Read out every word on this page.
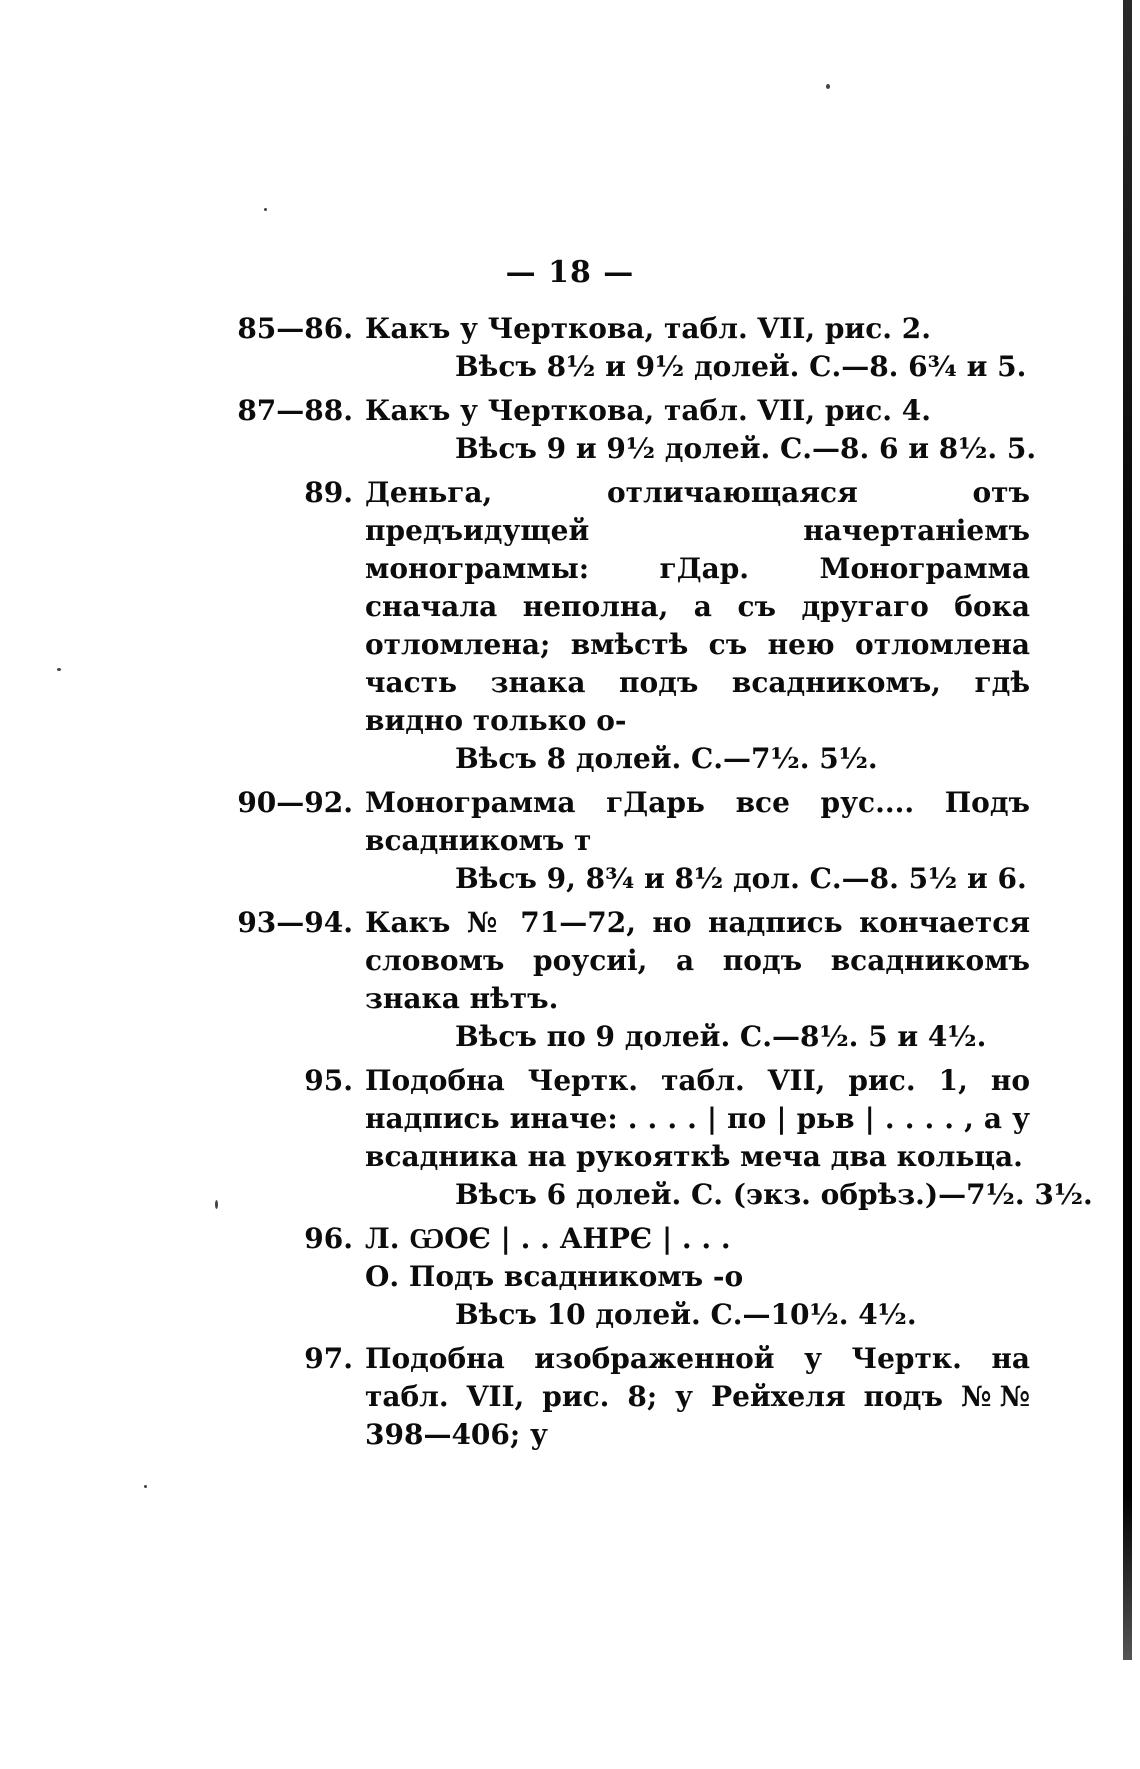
— 18 —
85—86. Какъ у Черткова, табл. VII, рис. 2.
Вѣсъ 8½ и 9½ долей. С.—8. 6¾ и 5.
87—88. Какъ у Черткова, табл. VII, рис. 4.
Вѣсъ 9 и 9½ долей. С.—8. 6 и 8½. 5.
89. Деньга, отличающаяся отъ предъидущей начертаніемъ монограммы: гДар. Монограмма сначала неполна, а съ другаго бока отломлена; вмѣстѣ съ нею отломлена часть знака подъ всадникомъ, гдѣ видно только о-
Вѣсъ 8 долей. С.—7½. 5½.
90—92. Монограмма гДарь все рус.... Подъ всадникомъ т
Вѣсъ 9, 8¾ и 8½ дол. С.—8. 5½ и 6.
93—94. Какъ № 71—72, но надпись кончается словомъ роусиі, а подъ всадникомъ знака нѣтъ.
Вѣсъ по 9 долей. С.—8½. 5 и 4½.
95. Подобна Чертк. табл. VII, рис. 1, но надпись иначе: . . . . | по | рьв | . . . . , а у всадника на рукояткѣ меча два кольца.
Вѣсъ 6 долей. С. (экз. обрѣз.)—7½. 3½.
96. Л. ѠОЄ | . . АНРЄ | . . .
О. Подъ всадникомъ -о
Вѣсъ 10 долей. С.—10½. 4½.
97. Подобна изображенной у Чертк. на табл. VII, рис. 8; у Рейхеля подъ №№ 398—406; у
